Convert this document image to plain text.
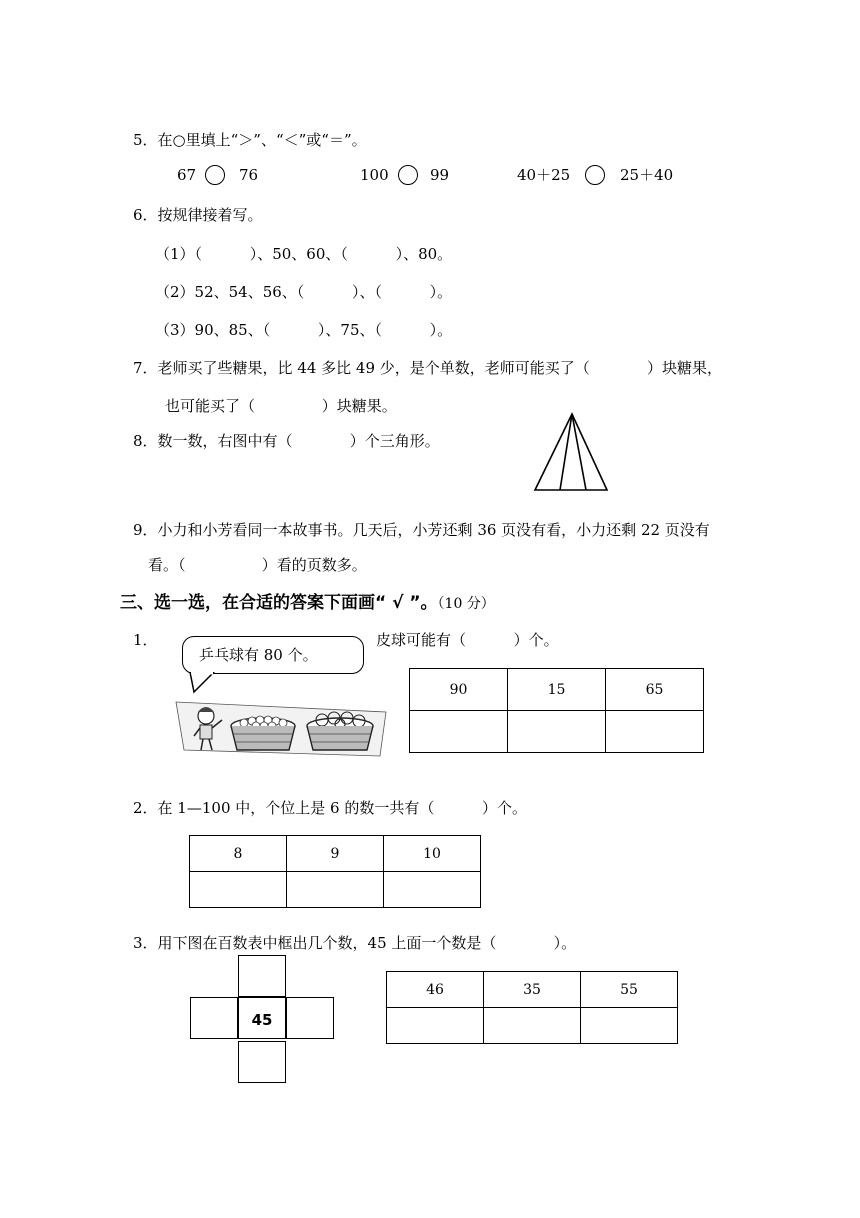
5．在○里填上“＞”、“＜”或“＝”。
67	76	100	99	40＋25	25＋40
6．按规律接着写。
（1）（          ）、50、60、（          ）、80。
（2）52、54、56、（          ）、（          ）。
（3）90、85、（          ）、75、（          ）。
7．老师买了些糖果，比 44 多比 49 少，是个单数，老师可能买了（            ）块糖果，
也可能买了（              ）块糖果。
8．数一数，右图中有（            ）个三角形。
9．小力和小芳看同一本故事书。几天后，小芳还剩 36 页没有看，小力还剩 22 页没有
看。（                ）看的页数多。
三、选一选，在合适的答案下面画“ √ ”。（10 分）
1．
乒乓球有 80 个。
皮球可能有（          ）个。
90	15	65

2．在 1—100 中，个位上是 6 的数一共有（          ）个。
8	9	10

3．用下图在百数表中框出几个数，45 上面一个数是（            ）。
45
46	35	55
